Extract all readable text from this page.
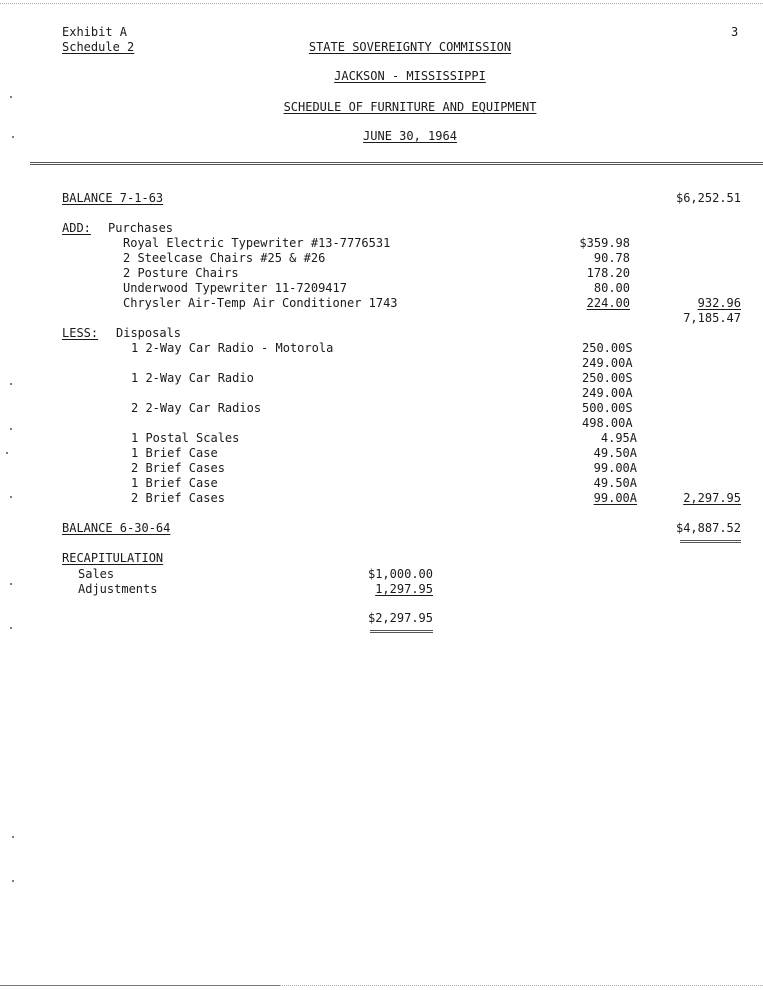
Exhibit A
Schedule 2
3
STATE SOVEREIGNTY COMMISSION
JACKSON - MISSISSIPPI
SCHEDULE OF FURNITURE AND EQUIPMENT
JUNE 30, 1964
BALANCE 7-1-63	$6,252.51
ADD: Purchases
Royal Electric Typewriter #13-7776531	$359.98
2 Steelcase Chairs #25 & #26	90.78
2 Posture Chairs	178.20
Underwood Typewriter 11-7209417	80.00
Chrysler Air-Temp Air Conditioner 1743	224.00	932.96
7,185.47
LESS: Disposals
1 2-Way Car Radio - Motorola	250.00S
249.00A
1 2-Way Car Radio	250.00S
249.00A
2 2-Way Car Radios	500.00S
498.00A
1 Postal Scales	4.95A
1 Brief Case	49.50A
2 Brief Cases	99.00A
1 Brief Case	49.50A
2 Brief Cases	99.00A	2,297.95
BALANCE 6-30-64	$4,887.52
RECAPITULATION
Sales	$1,000.00
Adjustments	1,297.95
$2,297.95
